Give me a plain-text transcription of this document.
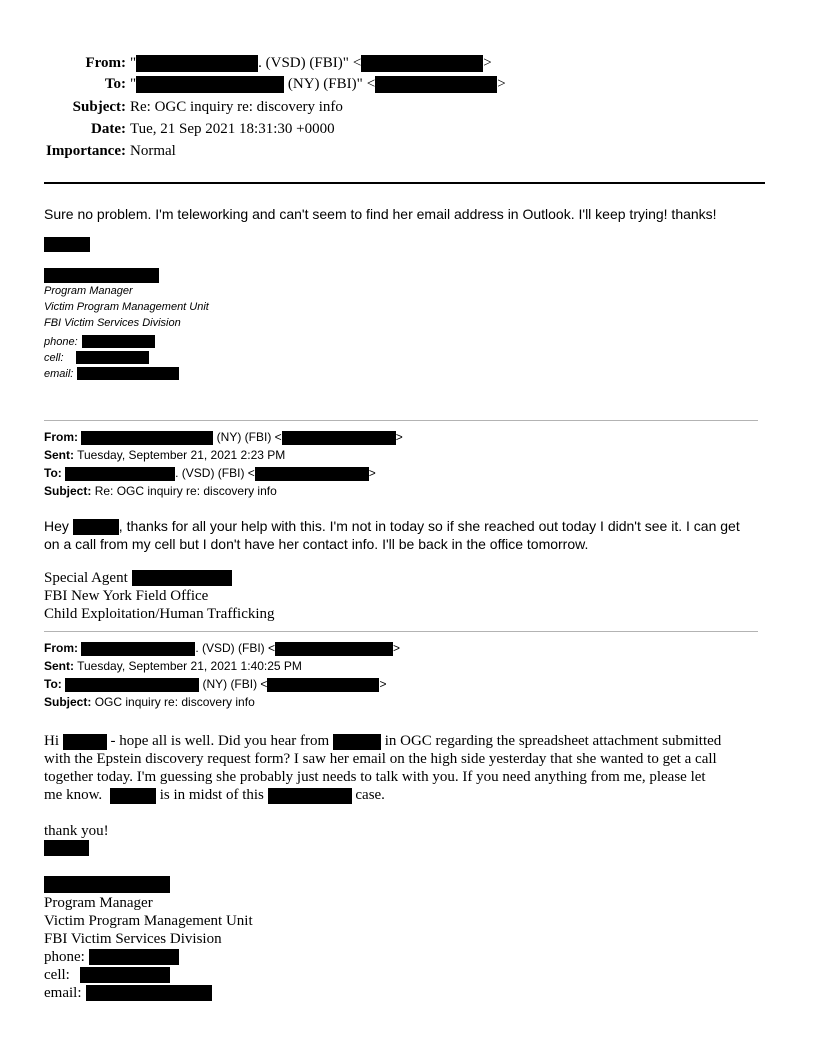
From: "	. (VSD) (FBI)" <	>
To: "	(NY) (FBI)" <	>
Subject: Re: OGC inquiry re: discovery info
Date: Tue, 21 Sep 2021 18:31:30 +0000
Importance: Normal
Sure no problem. I'm teleworking and can't seem to find her email address in Outlook. I'll keep trying! thanks!
Program Manager
Victim Program Management Unit
FBI Victim Services Division
phone:
cell:
email:
From:	(NY) (FBI) <	>
Sent: Tuesday, September 21, 2021 2:23 PM
To:	. (VSD) (FBI) <	>
Subject: Re: OGC inquiry re: discovery info
Hey	, thanks for all your help with this. I'm not in today so if she reached out today I didn't see it. I can get
on a call from my cell but I don't have her contact info. I'll be back in the office tomorrow.
Special Agent
FBI New York Field Office
Child Exploitation/Human Trafficking
From:	. (VSD) (FBI) <	>
Sent: Tuesday, September 21, 2021 1:40:25 PM
To:	(NY) (FBI) <	>
Subject: OGC inquiry re: discovery info
Hi	- hope all is well. Did you hear from	in OGC regarding the spreadsheet attachment submitted
with the Epstein discovery request form? I saw her email on the high side yesterday that she wanted to get a call
together today. I'm guessing she probably just needs to talk with you. If you need anything from me, please let
me know.	is in midst of this	case.
thank you!
Program Manager
Victim Program Management Unit
FBI Victim Services Division
phone:
cell:
email:
